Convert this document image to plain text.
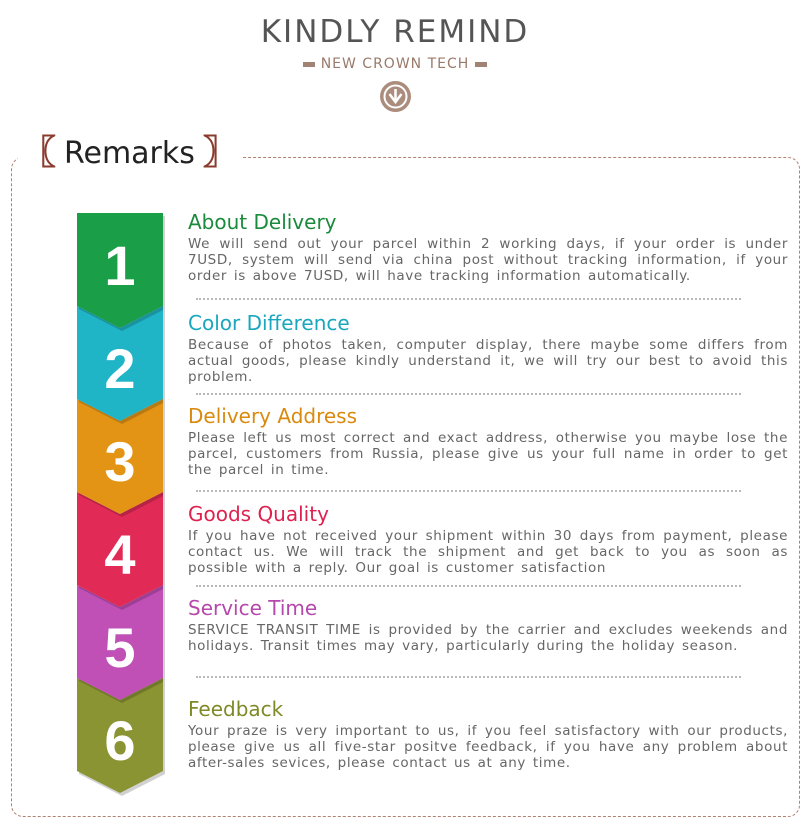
KINDLY REMIND
NEW CROWN TECH
〖 Remarks 〗
6
5
4
3
2
1
About Delivery

We will send out your parcel within 2 working days, if your order is under 7USD, system will send via china post without tracking information, if your order is above 7USD, will have tracking information automatically.

Color Difference

Because of photos taken, computer display, there maybe some differs from actual goods, please kindly understand it, we will try our best to avoid this problem.

Delivery Address

Please left us most correct and exact address, otherwise you maybe lose the parcel, customers from Russia, please give us your full name in order to get the parcel in time.

Goods Quality

If you have not received your shipment within 30 days from payment, please contact us. We will track the shipment and get back to you as soon as possible with a reply. Our goal is customer satisfaction

Service Time

SERVICE TRANSIT TIME is provided by the carrier and excludes weekends and holidays. Transit times may vary, particularly during the holiday season.

Feedback

Your praze is very important to us, if you feel satisfactory with our products, please give us all five-star positve feedback, if you have any problem about after-sales sevices, please contact us at any time.
